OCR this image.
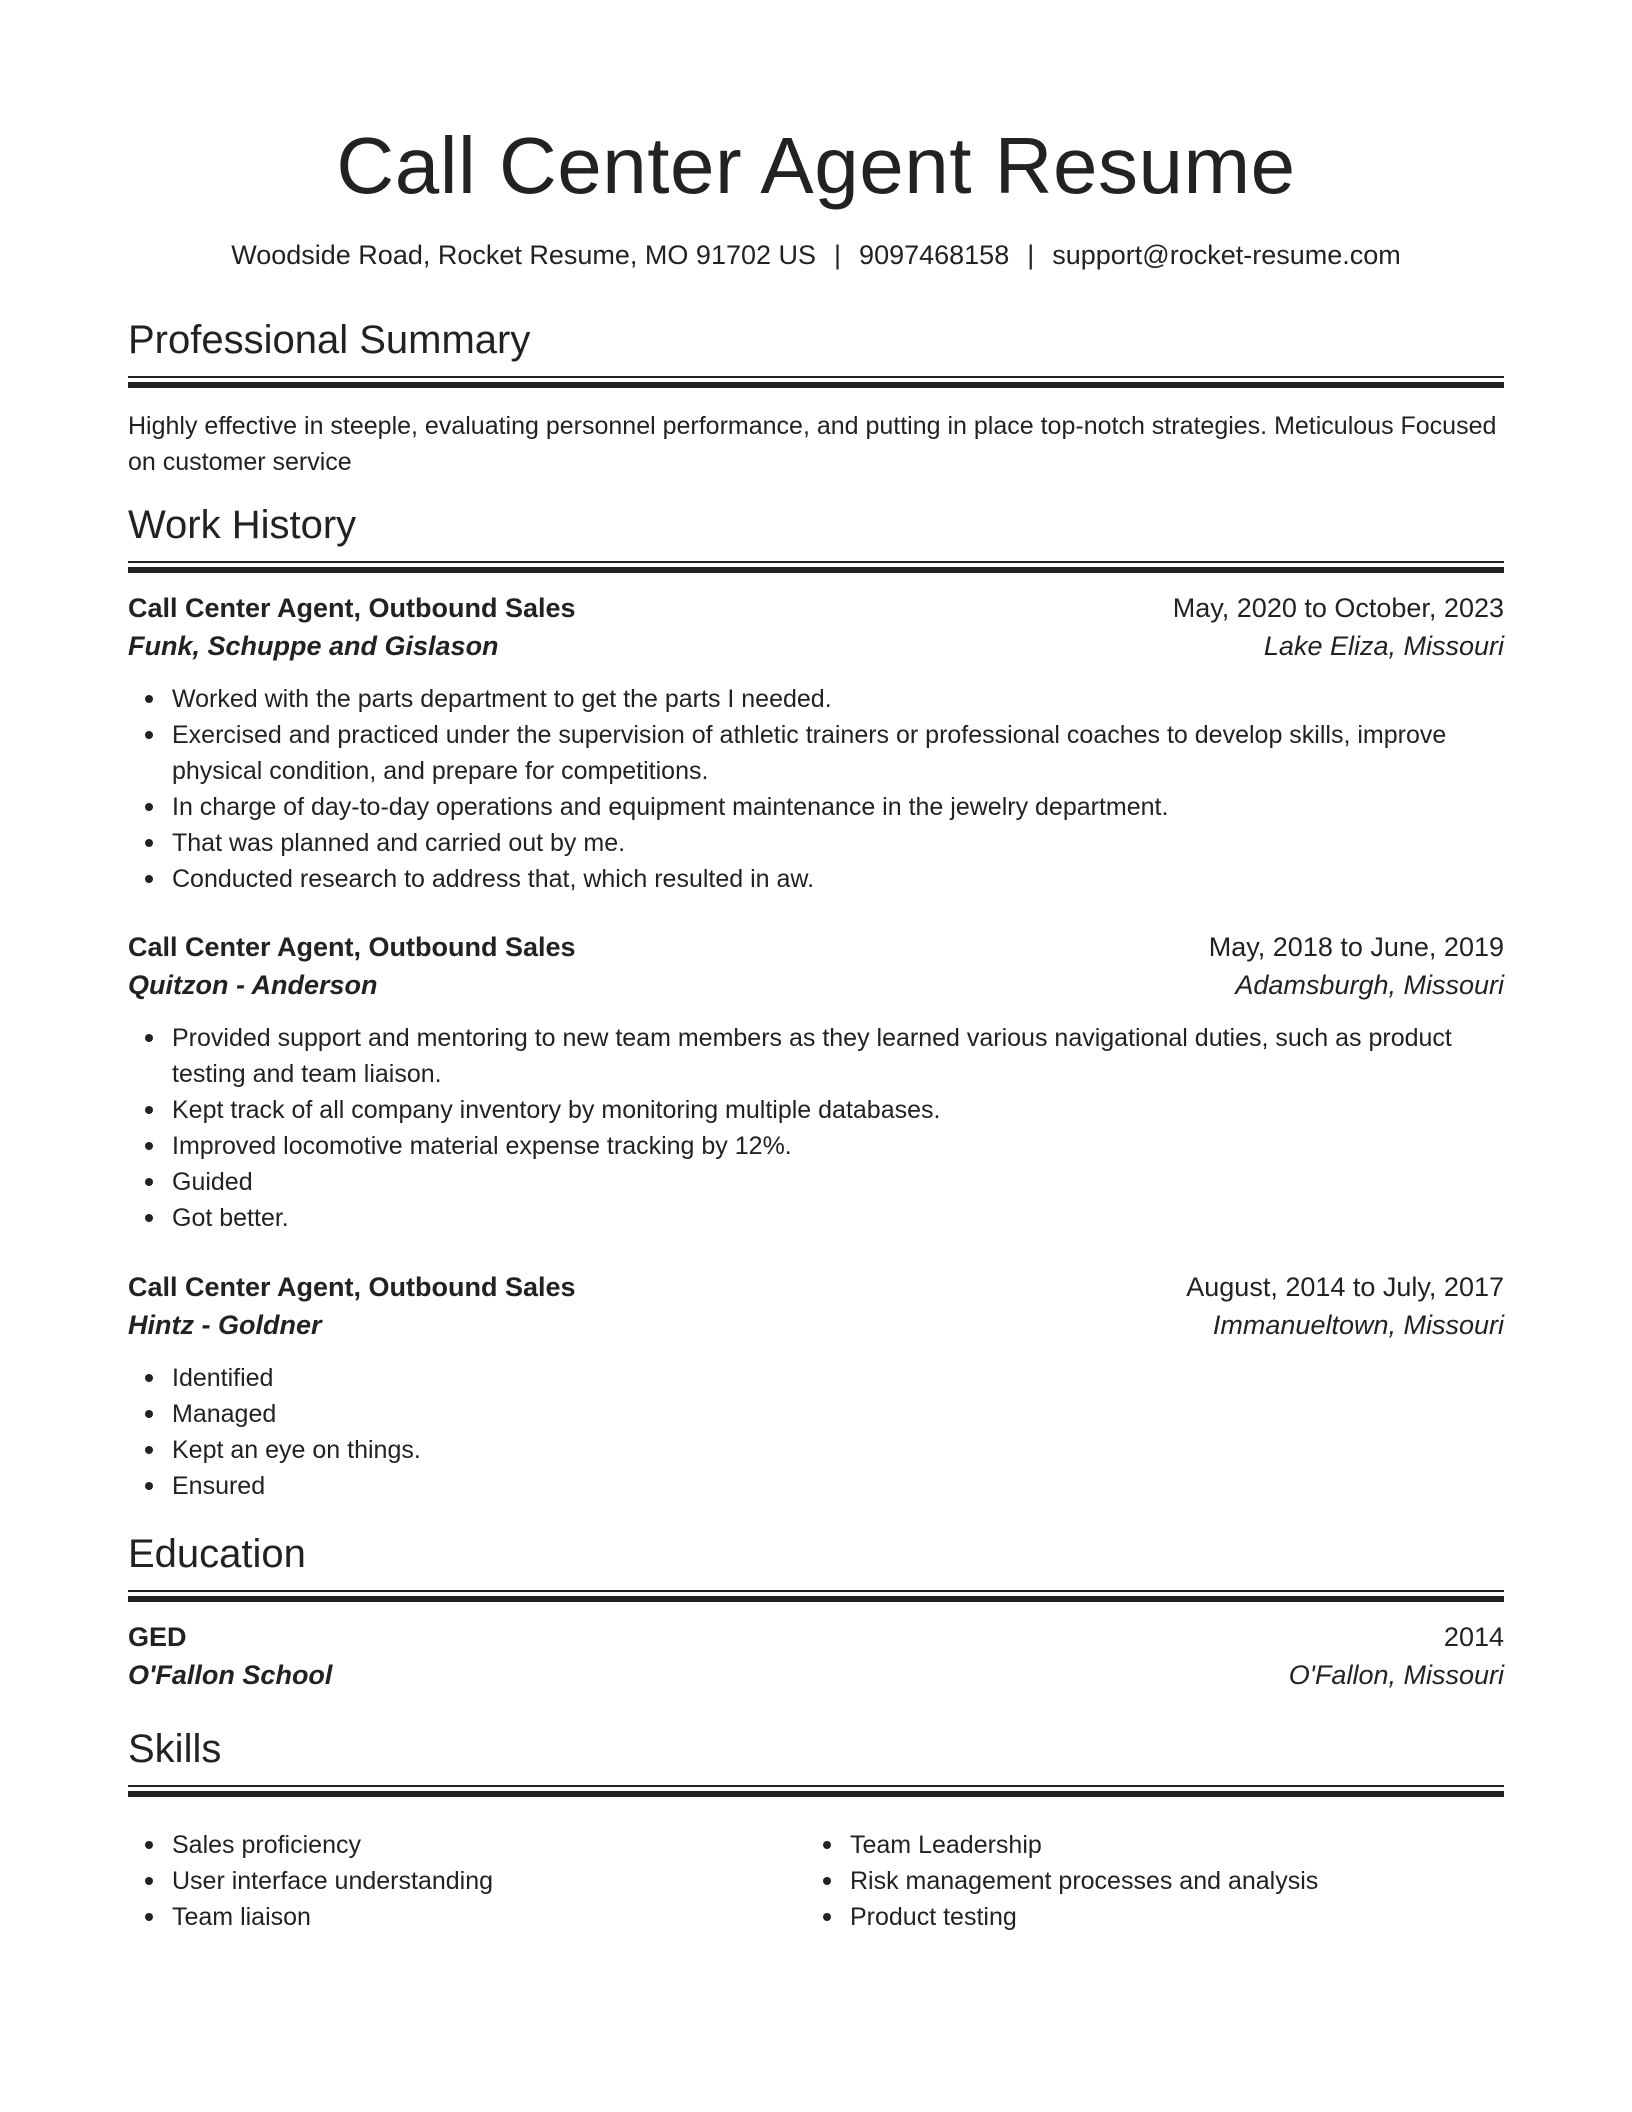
Call Center Agent Resume
Woodside Road, Rocket Resume, MO 91702 US | 9097468158 | support@rocket-resume.com
Professional Summary
Highly effective in steeple, evaluating personnel performance, and putting in place top-notch strategies. Meticulous Focused on customer service
Work History
Call Center Agent, Outbound Sales	May, 2020 to October, 2023
Funk, Schuppe and Gislason	Lake Eliza, Missouri
Worked with the parts department to get the parts I needed.
Exercised and practiced under the supervision of athletic trainers or professional coaches to develop skills, improve physical condition, and prepare for competitions.
In charge of day-to-day operations and equipment maintenance in the jewelry department.
That was planned and carried out by me.
Conducted research to address that, which resulted in aw.
Call Center Agent, Outbound Sales	May, 2018 to June, 2019
Quitzon - Anderson	Adamsburgh, Missouri
Provided support and mentoring to new team members as they learned various navigational duties, such as product testing and team liaison.
Kept track of all company inventory by monitoring multiple databases.
Improved locomotive material expense tracking by 12%.
Guided
Got better.
Call Center Agent, Outbound Sales	August, 2014 to July, 2017
Hintz - Goldner	Immanueltown, Missouri
Identified
Managed
Kept an eye on things.
Ensured
Education
GED	2014
O'Fallon School	O'Fallon, Missouri
Skills
Sales proficiency
User interface understanding
Team liaison
Team Leadership
Risk management processes and analysis
Product testing
